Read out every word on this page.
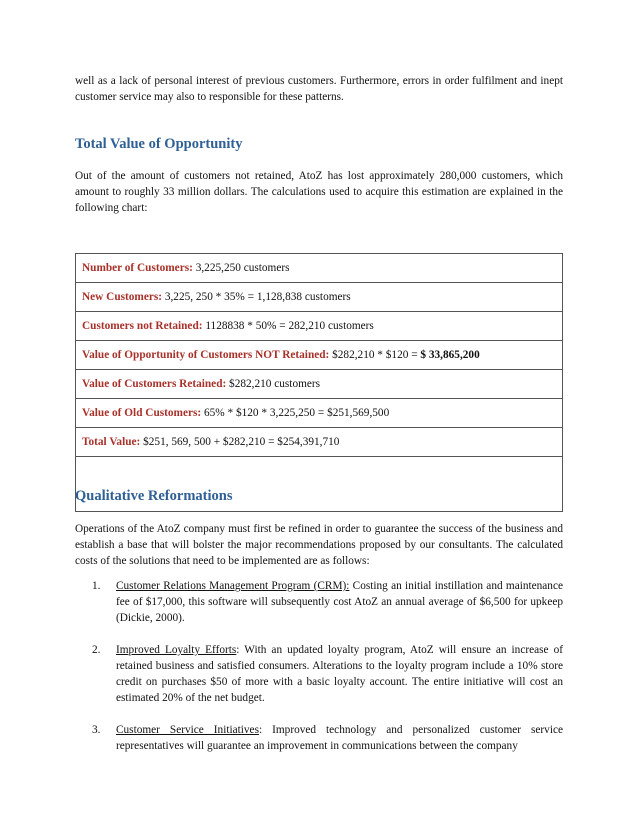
well as a lack of personal interest of previous customers. Furthermore, errors in order fulfilment and inept customer service may also to responsible for these patterns.

Total Value of Opportunity

Out of the amount of customers not retained, AtoZ has lost approximately 280,000 customers, which amount to roughly 33 million dollars. The calculations used to acquire this estimation are explained in the following chart:

Number of Customers: 3,225,250 customers
New Customers: 3,225, 250 * 35% = 1,128,838 customers
Customers not Retained: 1128838 * 50% = 282,210 customers
Value of Opportunity of Customers NOT Retained: $282,210 * $120 = $ 33,865,200
Value of Customers Retained: $282,210 customers
Value of Old Customers: 65% * $120 * 3,225,250 = $251,569,500
Total Value: $251, 569, 500 + $282,210 = $254,391,710

Qualitative Reformations

Operations of the AtoZ company must first be refined in order to guarantee the success of the business and establish a base that will bolster the major recommendations proposed by our consultants. The calculated costs of the solutions that need to be implemented are as follows:

1. Customer Relations Management Program (CRM): Costing an initial instillation and maintenance fee of $17,000, this software will subsequently cost AtoZ an annual average of $6,500 for upkeep (Dickie, 2000).
2. Improved Loyalty Efforts: With an updated loyalty program, AtoZ will ensure an increase of retained business and satisfied consumers. Alterations to the loyalty program include a 10% store credit on purchases $50 of more with a basic loyalty account. The entire initiative will cost an estimated 20% of the net budget.
3. Customer Service Initiatives: Improved technology and personalized customer service representatives will guarantee an improvement in communications between the company
